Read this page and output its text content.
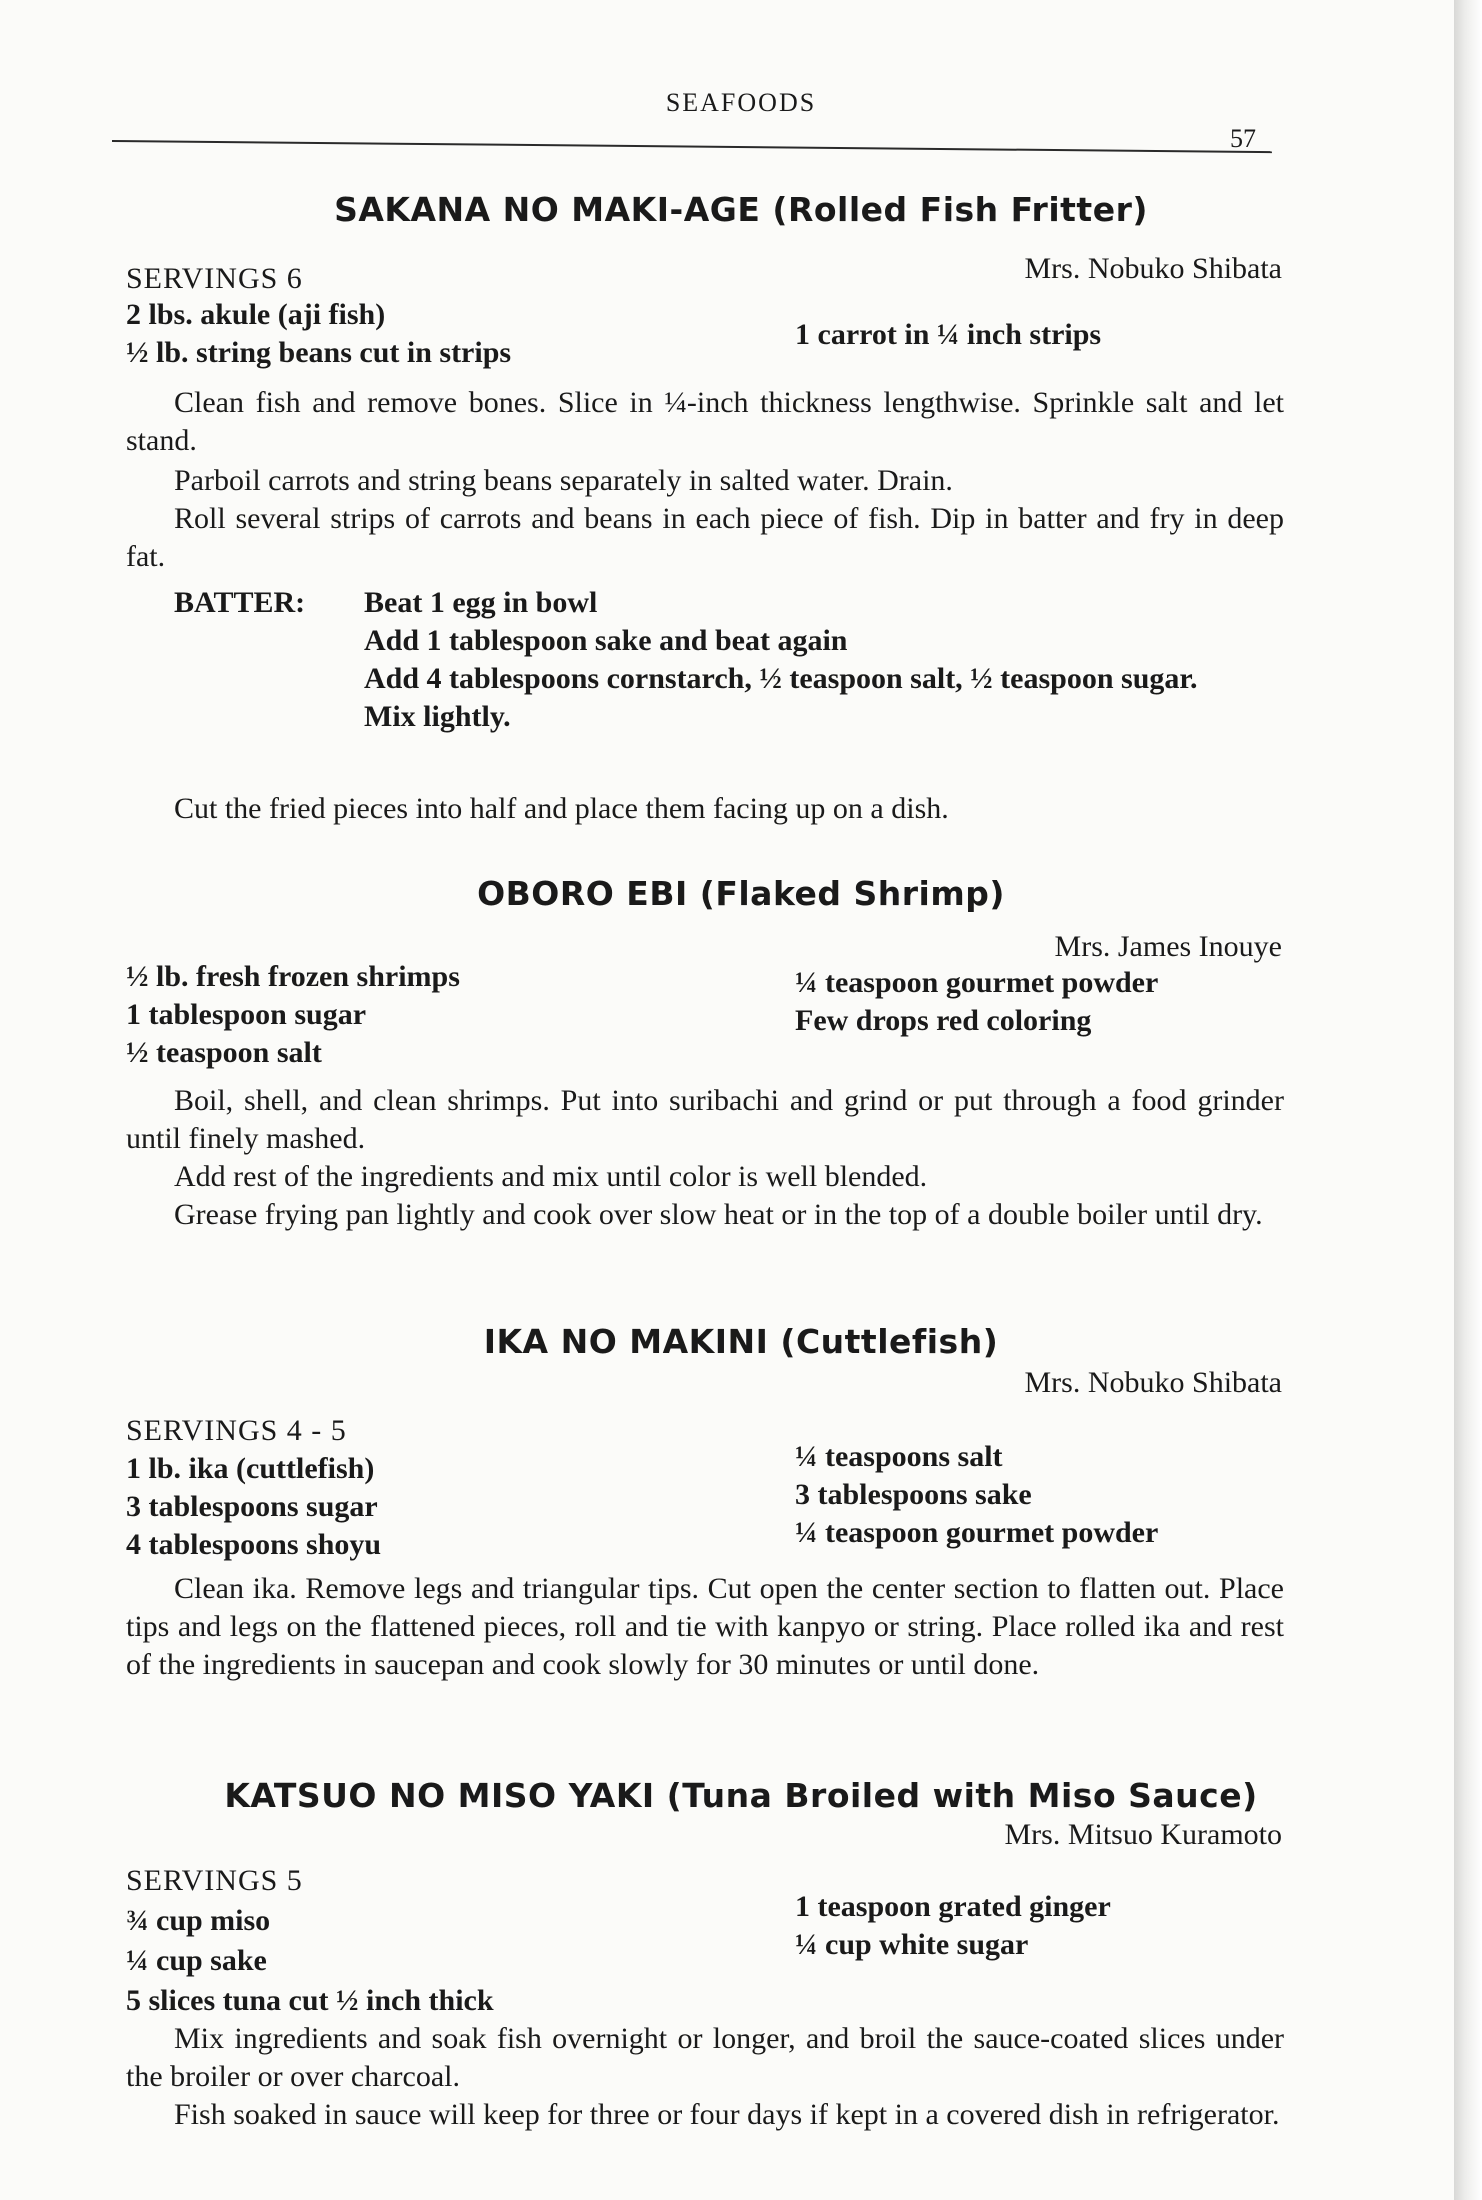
SEAFOODS
57
SAKANA NO MAKI-AGE (Rolled Fish Fritter)
Mrs. Nobuko Shibata
SERVINGS 6
2 lbs. akule (aji fish)
½ lb. string beans cut in strips
1 carrot in ¼ inch strips
Clean fish and remove bones. Slice in ¼-inch thickness lengthwise. Sprinkle salt and let stand.
Parboil carrots and string beans separately in salted water. Drain.
Roll several strips of carrots and beans in each piece of fish. Dip in batter and fry in deep fat.
BATTER: Beat 1 egg in bowl
Add 1 tablespoon sake and beat again
Add 4 tablespoons cornstarch, ½ teaspoon salt, ½ teaspoon sugar.
Mix lightly.
Cut the fried pieces into half and place them facing up on a dish.
OBORO EBI (Flaked Shrimp)
Mrs. James Inouye
½ lb. fresh frozen shrimps
1 tablespoon sugar
½ teaspoon salt
¼ teaspoon gourmet powder
Few drops red coloring
Boil, shell, and clean shrimps. Put into suribachi and grind or put through a food grinder until finely mashed.
Add rest of the ingredients and mix until color is well blended.
Grease frying pan lightly and cook over slow heat or in the top of a double boiler until dry.
IKA NO MAKINI (Cuttlefish)
Mrs. Nobuko Shibata
SERVINGS 4 - 5
1 lb. ika (cuttlefish)
3 tablespoons sugar
4 tablespoons shoyu
¼ teaspoons salt
3 tablespoons sake
¼ teaspoon gourmet powder
Clean ika. Remove legs and triangular tips. Cut open the center section to flatten out. Place tips and legs on the flattened pieces, roll and tie with kanpyo or string. Place rolled ika and rest of the ingredients in saucepan and cook slowly for 30 minutes or until done.
KATSUO NO MISO YAKI (Tuna Broiled with Miso Sauce)
Mrs. Mitsuo Kuramoto
SERVINGS 5
¾ cup miso
¼ cup sake
5 slices tuna cut ½ inch thick
1 teaspoon grated ginger
¼ cup white sugar
Mix ingredients and soak fish overnight or longer, and broil the sauce-coated slices under the broiler or over charcoal.
Fish soaked in sauce will keep for three or four days if kept in a covered dish in refrigerator.
